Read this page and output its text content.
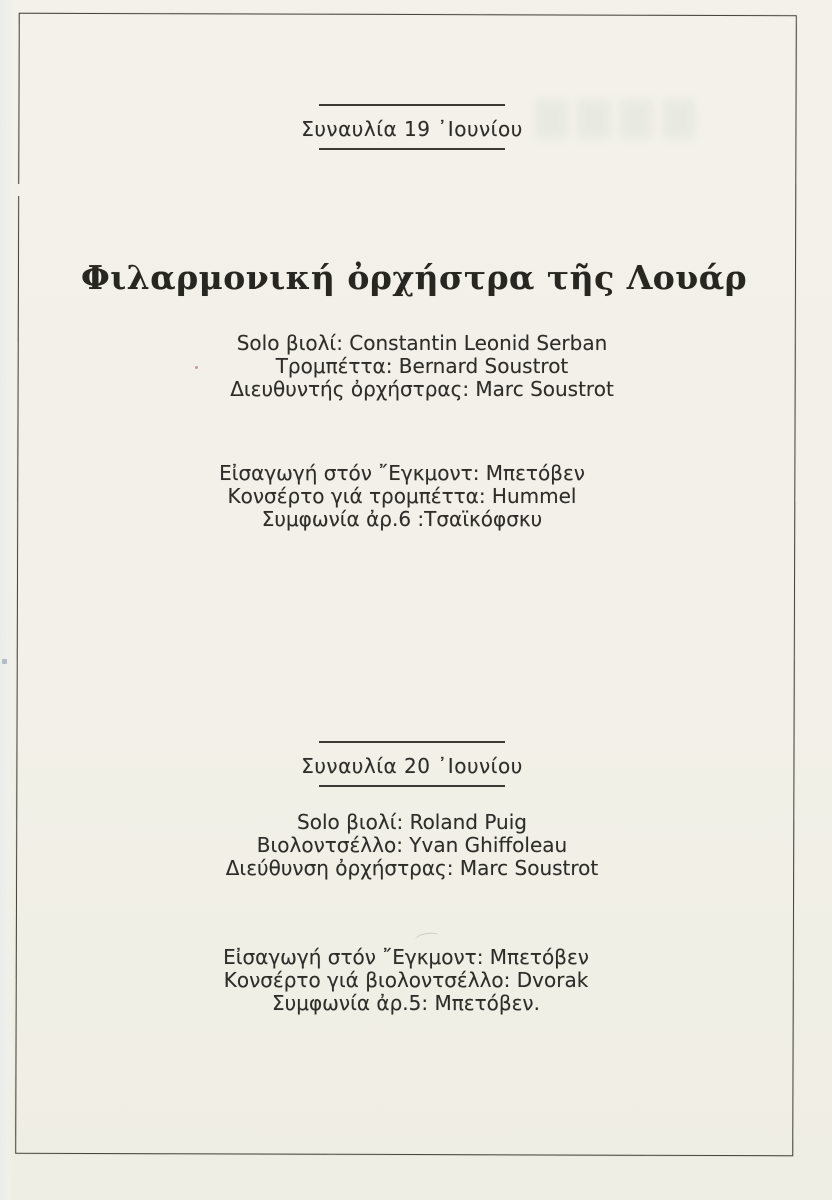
Συναυλία 19 ᾿Ιουνίου
Φιλαρμονική ὀρχήστρα τῆς Λουάρ
Solo βιολί: Constantin Leonid Serban
Τρομπέττα: Bernard Soustrot
Διευθυντής ὀρχήστρας: Marc Soustrot
Εἰσαγωγή στόν ῎Εγκμοντ: Μπετόβεν
Κονσέρτο γιά τρομπέττα: Hummel
Συμφωνία ἀρ.6 :Τσαϊκόφσκυ
Συναυλία 20 ᾿Ιουνίου
Solo βιολί: Roland Puig
Βιολοντσέλλο: Yvan Ghiffoleau
Διεύθυνση ὀρχήστρας: Marc Soustrot
Εἰσαγωγή στόν ῎Εγκμοντ: Μπετόβεν
Κονσέρτο γιά βιολοντσέλλο: Dvorak
Συμφωνία ἀρ.5: Μπετόβεν.
